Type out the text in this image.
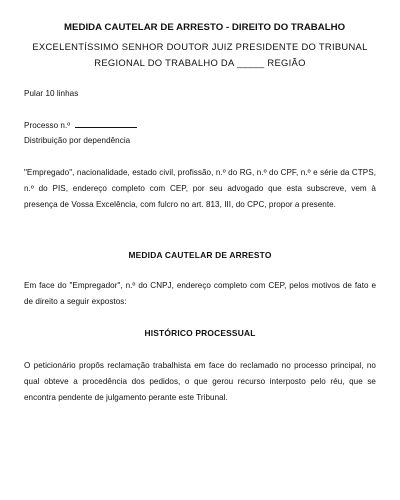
MEDIDA CAUTELAR DE ARRESTO - DIREITO DO TRABALHO
EXCELENTÍSSIMO SENHOR DOUTOR JUIZ PRESIDENTE DO TRIBUNAL REGIONAL DO TRABALHO DA _____ REGIÃO
Pular 10 linhas
Processo n.º
Distribuição por dependência
"Empregado", nacionalidade, estado civil, profissão, n.º do RG, n.º do CPF, n.º e série da CTPS, n.º do PIS, endereço completo com CEP, por seu advogado que esta subscreve, vem à presença de Vossa Excelência, com fulcro no art. 813, III, do CPC, propor a presente.
MEDIDA CAUTELAR DE ARRESTO
Em face do "Empregador", n.º do CNPJ, endereço completo com CEP, pelos motivos de fato e de direito a seguir expostos:
HISTÓRICO PROCESSUAL
O peticionário propôs reclamação trabalhista em face do reclamado no processo principal, no qual obteve a procedência dos pedidos, o que gerou recurso interposto pelo réu, que se encontra pendente de julgamento perante este Tribunal.
